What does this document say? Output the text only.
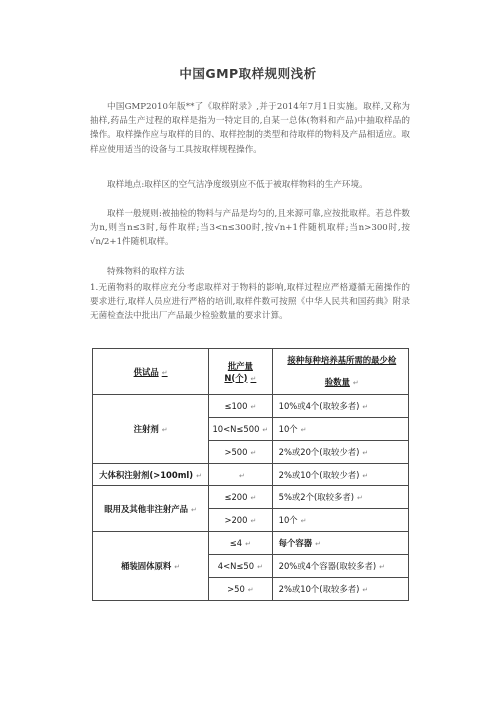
中国GMP取样规则浅析

中国GMP2010年版**了《取样附录》,并于2014年7月1日实施。取样,又称为抽样,药品生产过程的取样是指为一特定目的,自某一总体(物料和产品)中抽取样品的操作。取样操作应与取样的目的、取样控制的类型和待取样的物料及产品相适应。取样应使用适当的设备与工具按取样规程操作。

取样地点:取样区的空气洁净度级别应不低于被取样物料的生产环境。

取样一般规则:被抽检的物料与产品是均匀的,且来源可靠,应按批取样。若总件数为n,则当n≤3时,每件取样;当3<n≤300时,按√n+1件随机取样;当n>300时,按√n/2+1件随机取样。

特殊物料的取样方法

1.无菌物料的取样应充分考虑取样对于物料的影响,取样过程应严格遵循无菌操作的要求进行,取样人员应进行严格的培训,取样件数可按照《中华人民共和国药典》附录无菌检查法中批出厂产品最少检验数量的要求计算。

供试品 ↵	批产量N(个) ↵	接种每种培养基所需的最少检
验数量 ↵
注射剂 ↵	≤100 ↵	10%或4个(取较多者) ↵
	10<N≤500 ↵	10个 ↵
	>500 ↵	2%或20个(取较少者) ↵
大体积注射剂(>100ml) ↵	↵	2%或10个(取较少者) ↵
眼用及其他非注射产品 ↵	≤200 ↵	5%或2个(取较多者) ↵
	>200 ↵	10个 ↵
桶装固体原料 ↵	≤4 ↵	每个容器 ↵
	4<N≤50 ↵	20%或4个容器(取较多者) ↵
	>50 ↵	2%或10个(取较多者) ↵
